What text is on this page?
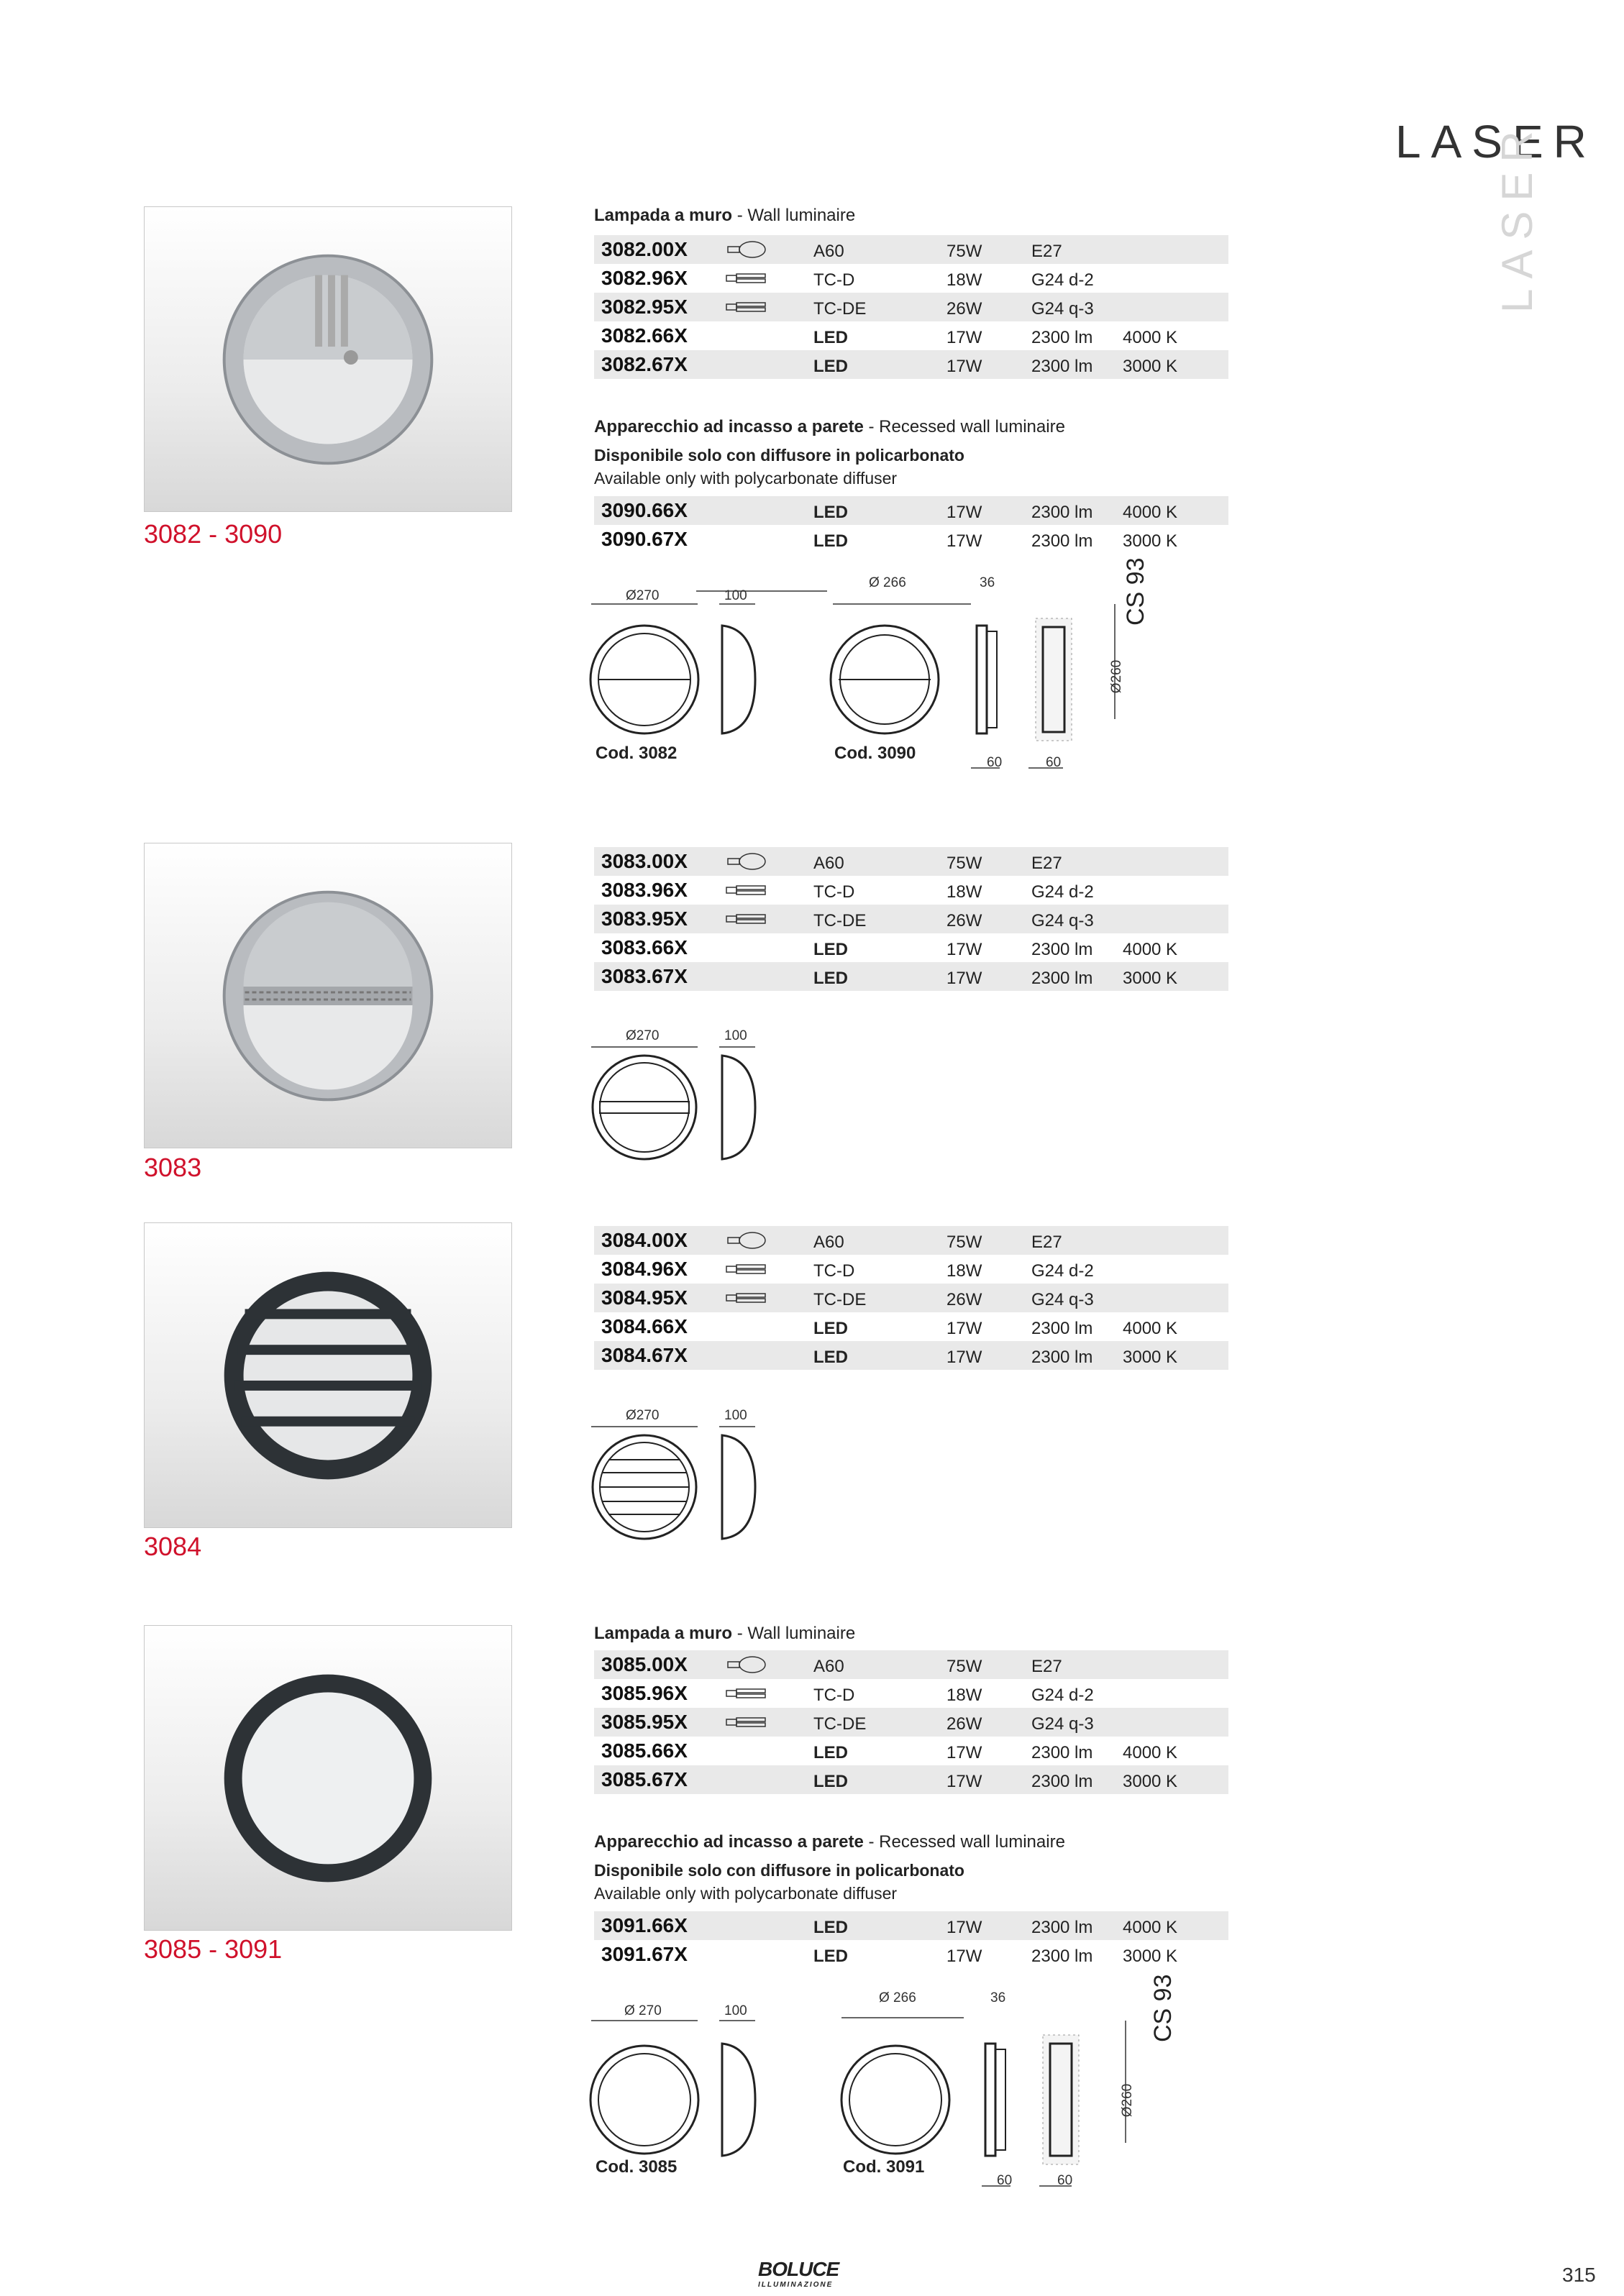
LASER
LASER
3082 - 3090
Lampada a muro - Wall luminaire
3082.00X	A60	75W	E27
3082.96X	TC-D	18W	G24 d-2
3082.95X	TC-DE	26W	G24 q-3
3082.66X	LED	17W	2300 lm 4000 K
3082.67X	LED	17W	2300 lm 3000 K
Apparecchio ad incasso a parete - Recessed wall luminaire
Disponibile solo con diffusore in policarbonato
Available only with polycarbonate diffuser
3090.66X	LED	17W	2300 lm 4000 K
3090.67X	LED	17W	2300 lm 3000 K
Ø270	100
Ø 266	36
Ø260
60	60
CS 93
Cod. 3082	Cod. 3090
3083
3083.00X	A60	75W	E27
3083.96X	TC-D	18W	G24 d-2
3083.95X	TC-DE	26W	G24 q-3
3083.66X	LED	17W	2300 lm 4000 K
3083.67X	LED	17W	2300 lm 3000 K
Ø270	100
3084
3084.00X	A60	75W	E27
3084.96X	TC-D	18W	G24 d-2
3084.95X	TC-DE	26W	G24 q-3
3084.66X	LED	17W	2300 lm 4000 K
3084.67X	LED	17W	2300 lm 3000 K
Ø270	100
3085 - 3091
Lampada a muro - Wall luminaire
3085.00X	A60	75W	E27
3085.96X	TC-D	18W	G24 d-2
3085.95X	TC-DE	26W	G24 q-3
3085.66X	LED	17W	2300 lm 4000 K
3085.67X	LED	17W	2300 lm 3000 K
Apparecchio ad incasso a parete - Recessed wall luminaire
Disponibile solo con diffusore in policarbonato
Available only with polycarbonate diffuser
3091.66X	LED	17W	2300 lm 4000 K
3091.67X	LED	17W	2300 lm 3000 K
Ø 270	100
Ø 266	36
Ø260
60	60
CS 93
Cod. 3085	Cod. 3091
BOLUCE
ILLUMINAZIONE	315
